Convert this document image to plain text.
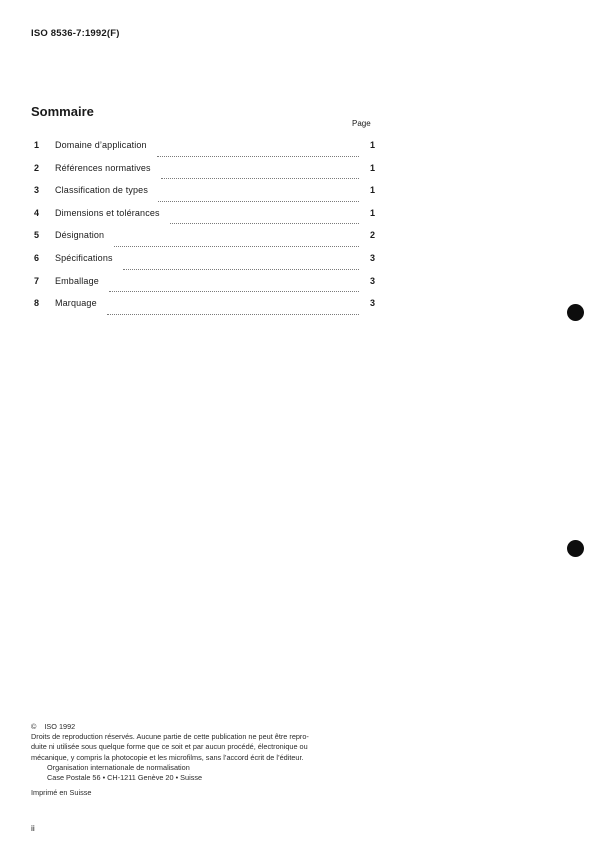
ISO 8536-7:1992(F)
Sommaire
Page
1	Domaine d’application	1
2	Références normatives	1
3	Classification de types	1
4	Dimensions et tolérances	1
5	Désignation	2
6	Spécifications	3
7	Emballage	3
8	Marquage	3

© ISO 1992

Droits de reproduction réservés. Aucune partie de cette publication ne peut être repro-

duite ni utilisée sous quelque forme que ce soit et par aucun procédé, électronique ou

mécanique, y compris la photocopie et les microfilms, sans l’accord écrit de l’éditeur.

Organisation internationale de normalisation

Case Postale 56 • CH-1211 Genève 20 • Suisse

Imprimé en Suisse

ii
